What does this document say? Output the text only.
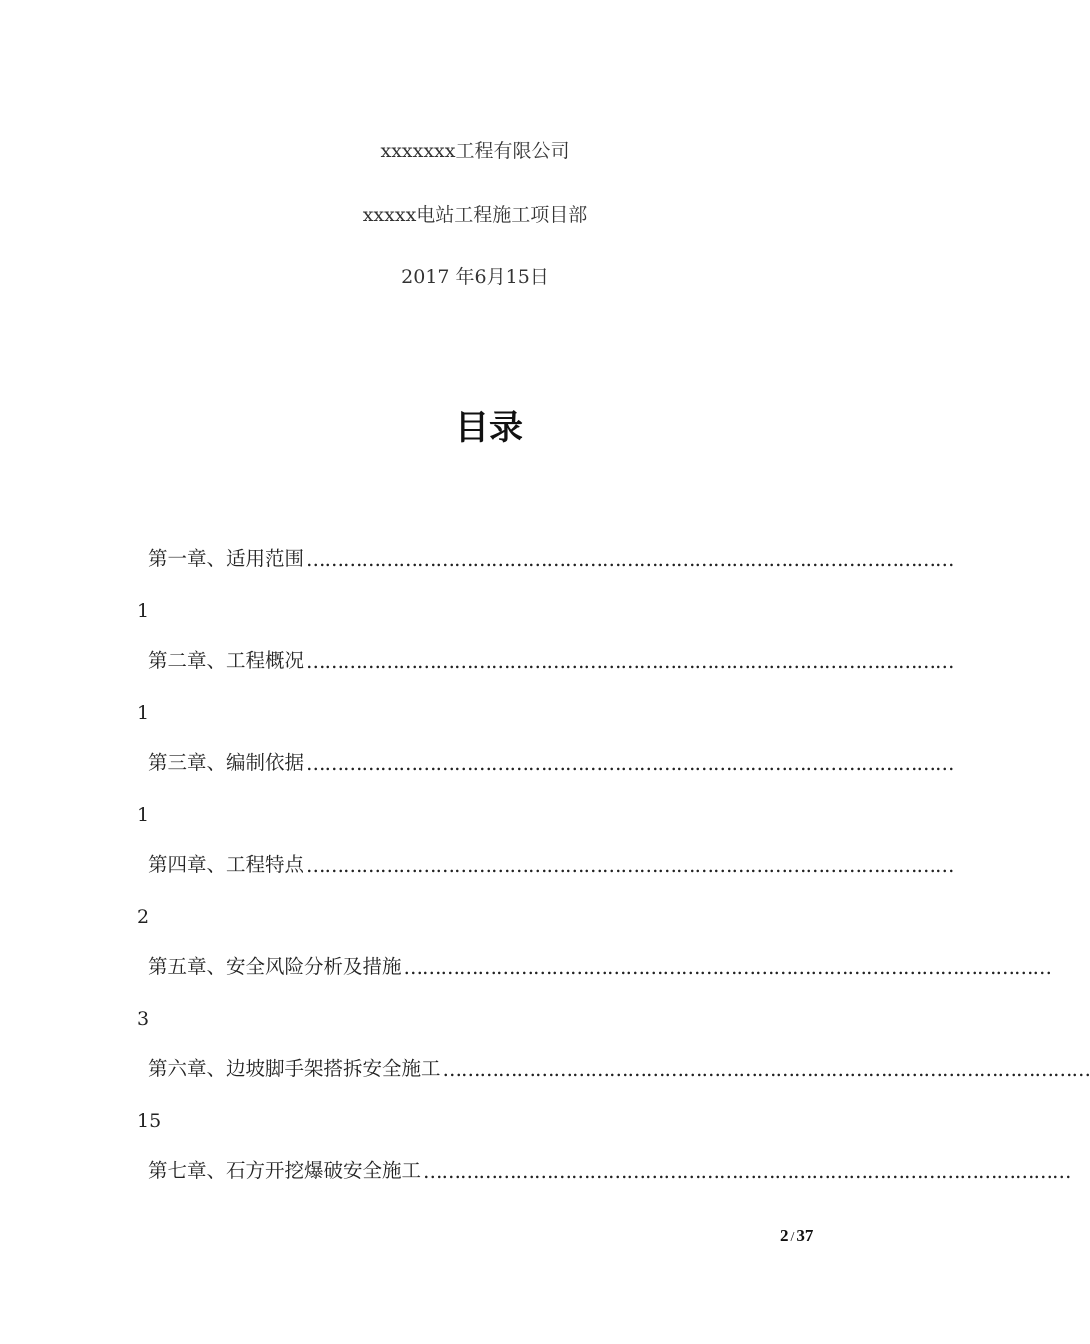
xxxxxxx工程有限公司
xxxxx电站工程施工项目部
2017 年6月15日
目录
第一章、适用范围 ……………………………………………………………………………………………
1
第二章、工程概况 ……………………………………………………………………………………………
1
第三章、编制依据 ……………………………………………………………………………………………
1
第四章、工程特点 ……………………………………………………………………………………………
2
第五章、安全风险分析及措施 ……………………………………………………………………………………………
3
第六章、边坡脚手架搭拆安全施工 ……………………………………………………………………………………………
15
第七章、石方开挖爆破安全施工 ……………………………………………………………………………………………
2 / 37
